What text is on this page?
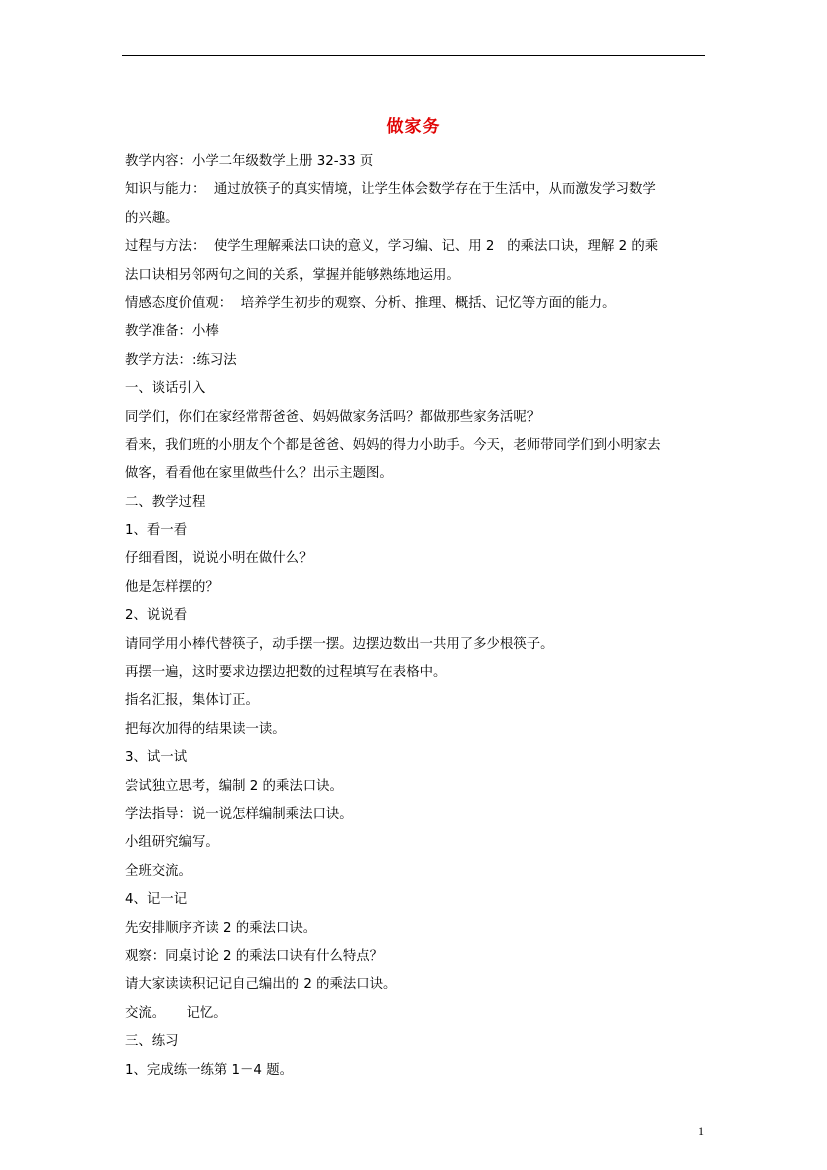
做家务
教学内容：小学二年级数学上册 32-33 页
知识与能力：  通过放筷子的真实情境，让学生体会数学存在于生活中，从而激发学习数学
的兴趣。
过程与方法：  使学生理解乘法口诀的意义，学习编、记、用 2   的乘法口诀，理解 2 的乘
法口诀相另邻两句之间的关系，掌握并能够熟练地运用。
情感态度价值观：  培养学生初步的观察、分析、推理、概括、记忆等方面的能力。
教学准备：小棒
教学方法：:练习法
一、谈话引入
同学们，你们在家经常帮爸爸、妈妈做家务活吗？都做那些家务活呢？
看来，我们班的小朋友个个都是爸爸、妈妈的得力小助手。今天，老师带同学们到小明家去
做客，看看他在家里做些什么？出示主题图。
二、教学过程
1、看一看
仔细看图，说说小明在做什么？
他是怎样摆的？
2、说说看
请同学用小棒代替筷子，动手摆一摆。边摆边数出一共用了多少根筷子。
再摆一遍，这时要求边摆边把数的过程填写在表格中。
指名汇报，集体订正。
把每次加得的结果读一读。
3、试一试
尝试独立思考，编制 2 的乘法口诀。
学法指导：说一说怎样编制乘法口诀。
小组研究编写。
全班交流。
4、记一记
先安排顺序齐读 2 的乘法口诀。
观察：同桌讨论 2 的乘法口诀有什么特点？
请大家读读积记记自己编出的 2 的乘法口诀。
交流。     记忆。
三、练习
1、完成练一练第 1－4 题。
1
